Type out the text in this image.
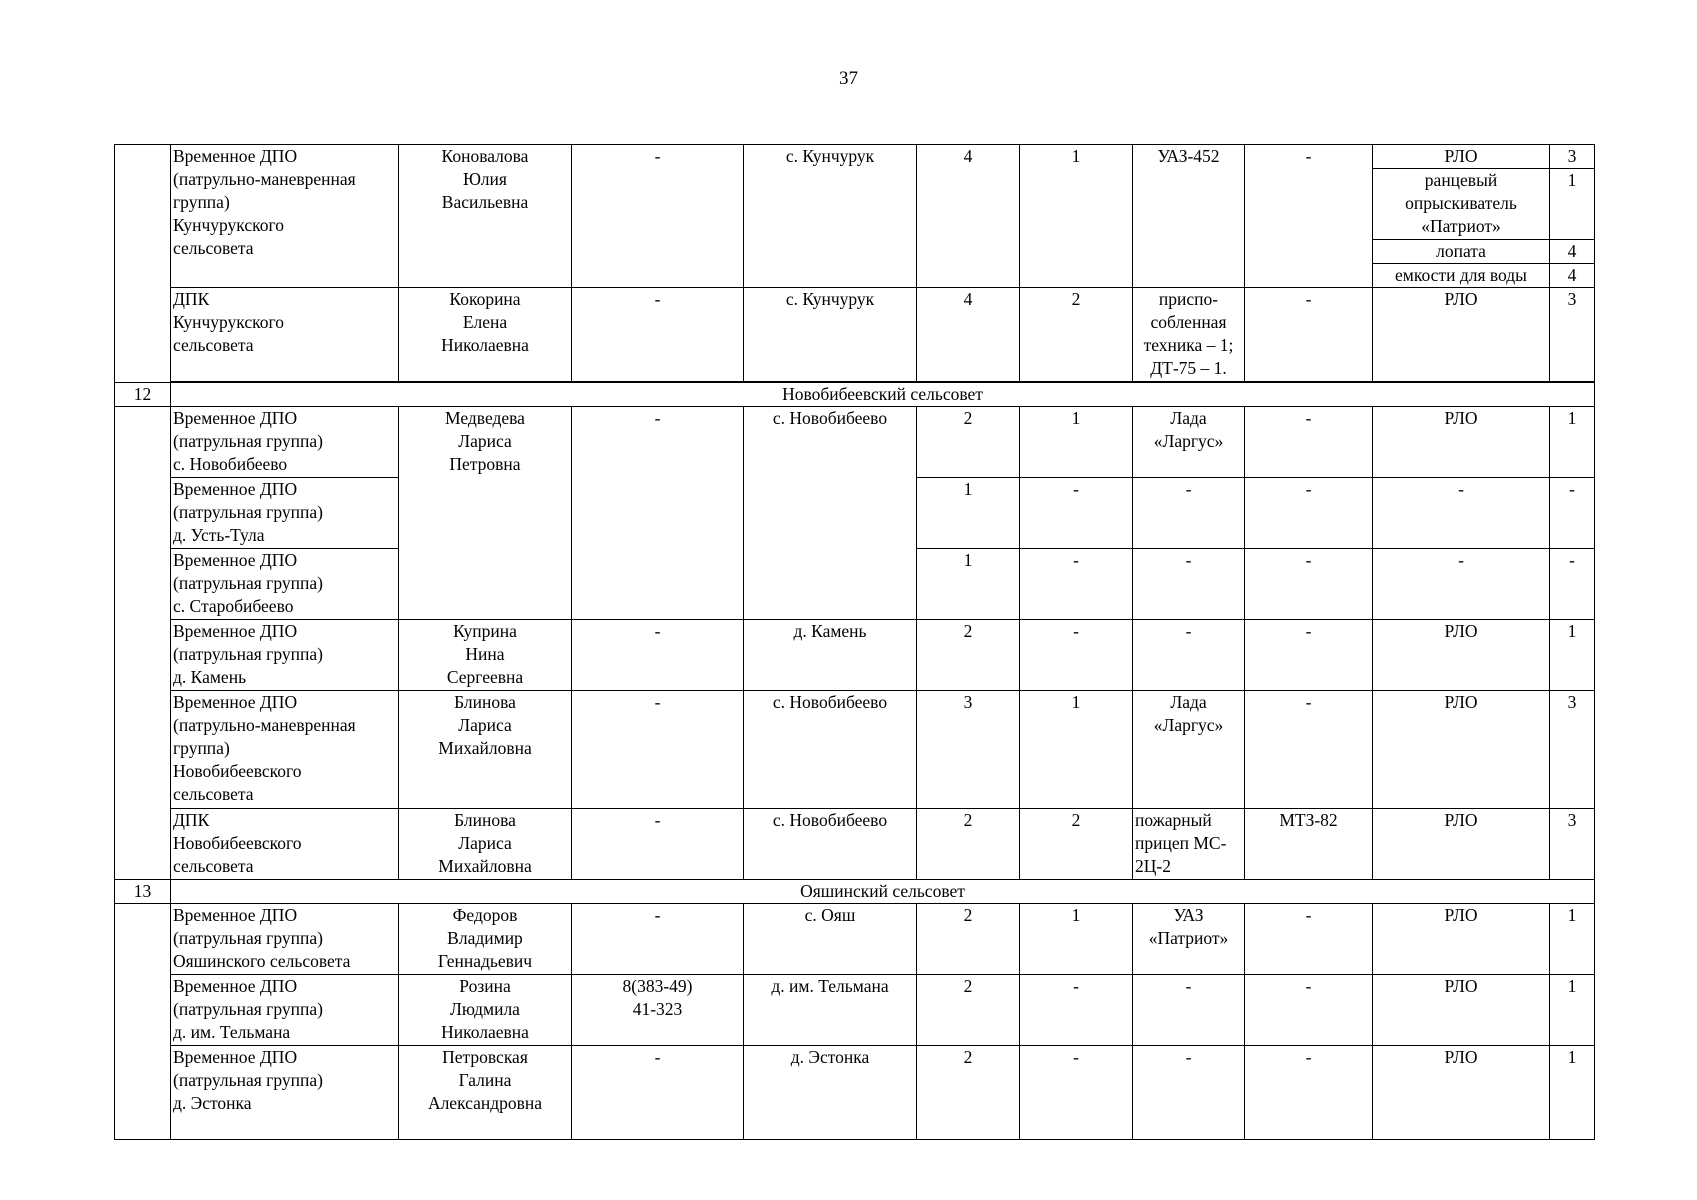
37
	Временное ДПО
(патрульно-маневренная
группа)
Кунчурукского
сельсовета	Коновалова
Юлия
Васильевна	-	с. Кунчурук	4	1	УАЗ-452	-	РЛО	3
									ранцевый
опрыскиватель
«Патриот»	1
									лопата	4
									емкости для воды	4
	ДПК
Кунчурукского
сельсовета	Кокорина
Елена
Николаевна	-	с. Кунчурук	4	2	приспо-
собленная
техника – 1;
ДТ-75 – 1.	-	РЛО	3

12	Новобибеевский сельсовет									
	Временное ДПО
(патрульная группа)
с. Новобибеево	Медведева
Лариса
Петровна	-	с. Новобибеево	2	1	Лада
«Ларгус»	-	РЛО	1
	Временное ДПО
(патрульная группа)
д. Усть-Тула				1	-	-	-	-	-
	Временное ДПО
(патрульная группа)
с. Старобибеево				1	-	-	-	-	-
	Временное ДПО
(патрульная группа)
д. Камень	Куприна
Нина
Сергеевна	-	д. Камень	2	-	-	-	РЛО	1
	Временное ДПО
(патрульно-маневренная
группа)
Новобибеевского
сельсовета	Блинова
Лариса
Михайловна	-	с. Новобибеево	3	1	Лада
«Ларгус»	-	РЛО	3
	ДПК
Новобибеевского
сельсовета	Блинова
Лариса
Михайловна	-	с. Новобибеево	2	2	пожарный
прицеп МС-
2Ц-2	МТЗ-82	РЛО	3
13	Ояшинский сельсовет									
	Временное ДПО
(патрульная группа)
Ояшинского сельсовета	Федоров
Владимир
Геннадьевич	-	с. Ояш	2	1	УАЗ
«Патриот»	-	РЛО	1
	Временное ДПО
(патрульная группа)
д. им. Тельмана	Розина
Людмила
Николаевна	8(383-49)
41-323	д. им. Тельмана	2	-	-	-	РЛО	1
	Временное ДПО
(патрульная группа)
д. Эстонка	Петровская
Галина
Александровна	-	д. Эстонка	2	-	-	-	РЛО	1
